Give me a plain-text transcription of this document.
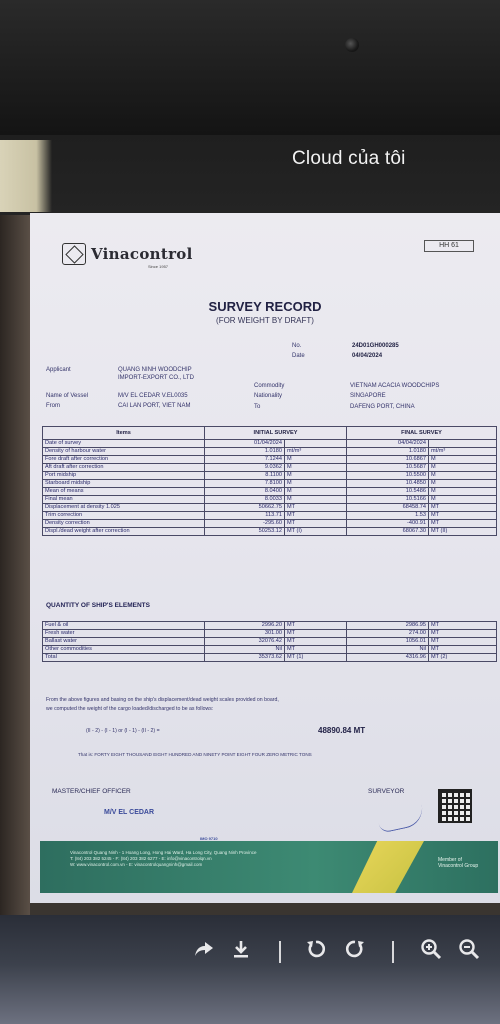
Cloud của tôi
Vinacontrol
Since 1957
HH 61
SURVEY RECORD
(FOR WEIGHT BY DRAFT)
No.	24D01GH000285
Date	04/04/2024
Applicant	QUANG NINH WOODCHIP
IMPORT-EXPORT CO., LTD
Commodity	VIETNAM ACACIA WOODCHIPS
Name of Vessel	M/V EL CEDAR V.EL0035	Nationality	SINGAPORE
From	CAI LAN PORT, VIET NAM	To	DAFENG PORT, CHINA
Items	INITIAL SURVEY		FINAL SURVEY	
Date of survey	01/04/2024		04/04/2024	
Density of harbour water	1.0180	mt/m³	1.0180	mt/m³
Fore draft after correction	7.1244	M	10.6867	M
Aft draft after correction	9.0362	M	10.5687	M
Port midship	8.1100	M	10.5500	M
Starboard midship	7.8100	M	10.4850	M
Mean of means	8.0400	M	10.5486	M
Final mean	8.0033	M	10.5166	M
Displacement at density 1.025	50662.75	MT	68458.74	MT
Trim correction	113.71	MT	1.53	MT
Density correction	-295.60	MT	-400.91	MT
Displ./dead weight after correction	50253.12	MT (I)	68067.30	MT (II)
QUANTITY OF SHIP'S ELEMENTS
Fuel & oil	2996.20	MT	2986.95	MT
Fresh water	301.00	MT	274.00	MT
Ballast water	32076.42	MT	1056.01	MT
Other commodities	Nil	MT	Nil	MT
Total	35373.62	MT (1)	4316.96	MT (2)
From the above figures and basing on the ship's displacement/dead weight scales provided on board,
we computed the weight of the cargo loaded/discharged to be as follows:
(II - 2) - (I - 1) or (I - 1) - (II - 2) =	48890.84 MT
That is: FORTY EIGHT THOUSAND EIGHT HUNDRED AND NINETY POINT EIGHT FOUR ZERO METRIC TONS
MASTER/CHIEF OFFICER	SURVEYOR
M/V EL CEDAR
IMO 9710
Vinacontrol Quang Ninh - 1 Hoang Long, Hong Hai Ward, Ha Long City, Quang Ninh Province
T: (84) 203 382 5245 - F: (84) 203 382 6277 - E: info@vinacontrolqn.vn
W: www.vinacontrol.com.vn - E: vinacontrolquangninh@gmail.com
Member of
Vinacontrol Group
